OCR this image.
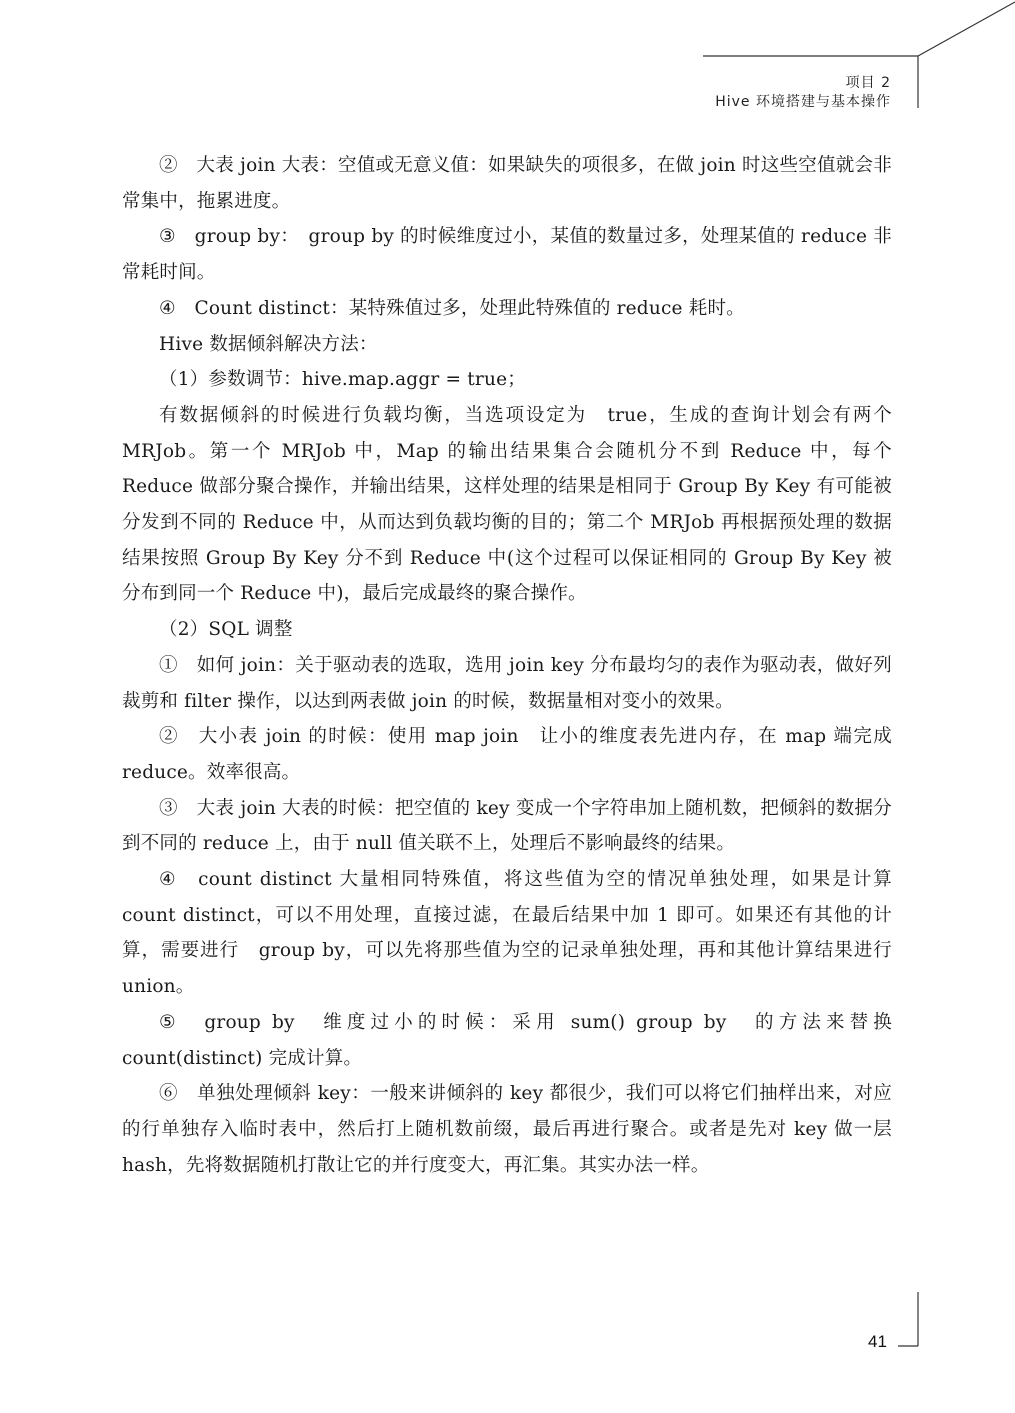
项目 2
Hive 环境搭建与基本操作

②　大表 join 大表：空值或无意义值：如果缺失的项很多，在做 join 时这些空值就会非常集中，拖累进度。

③　group by：　group by 的时候维度过小，某值的数量过多，处理某值的 reduce 非常耗时间。

④　Count distinct：某特殊值过多，处理此特殊值的 reduce 耗时。

Hive 数据倾斜解决方法：

（1）参数调节：hive.map.aggr = true；

有数据倾斜的时候进行负载均衡，当选项设定为　true，生成的查询计划会有两个 MRJob。第一个 MRJob 中，Map 的输出结果集合会随机分不到 Reduce 中，每个 Reduce 做部分聚合操作，并输出结果，这样处理的结果是相同于 Group By Key 有可能被分发到不同的 Reduce 中，从而达到负载均衡的目的；第二个 MRJob 再根据预处理的数据结果按照 Group By Key 分不到 Reduce 中(这个过程可以保证相同的 Group By Key 被分布到同一个 Reduce 中)，最后完成最终的聚合操作。

（2）SQL 调整

①　如何 join：关于驱动表的选取，选用 join key 分布最均匀的表作为驱动表，做好列裁剪和 filter 操作，以达到两表做 join 的时候，数据量相对变小的效果。

②　大小表 join 的时候：使用 map join　让小的维度表先进内存，在 map 端完成 reduce。效率很高。

③　大表 join 大表的时候：把空值的 key 变成一个字符串加上随机数，把倾斜的数据分到不同的 reduce 上，由于 null 值关联不上，处理后不影响最终的结果。

④　count distinct 大量相同特殊值，将这些值为空的情况单独处理，如果是计算 count distinct，可以不用处理，直接过滤，在最后结果中加 1 即可。如果还有其他的计算，需要进行　group by，可以先将那些值为空的记录单独处理，再和其他计算结果进行　union。

⑤　group by　维度过小的时候：采用 sum() group by　的方法来替换 count(distinct) 完成计算。

⑥　单独处理倾斜 key：一般来讲倾斜的 key 都很少，我们可以将它们抽样出来，对应的行单独存入临时表中，然后打上随机数前缀，最后再进行聚合。或者是先对 key 做一层 hash，先将数据随机打散让它的并行度变大，再汇集。其实办法一样。

41
